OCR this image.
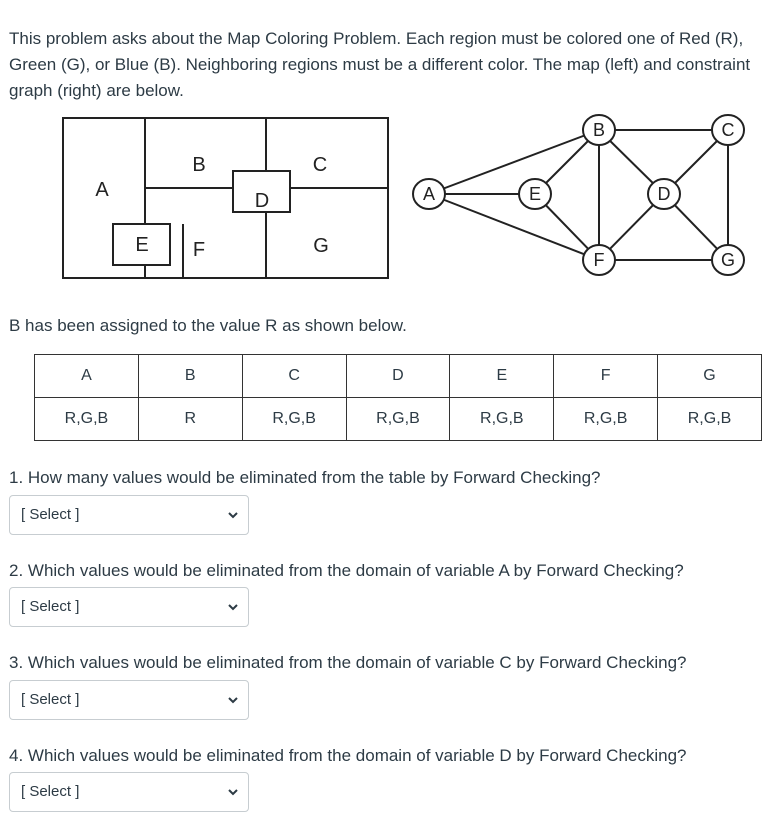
This problem asks about the Map Coloring Problem. Each region must be colored one of Red (R), Green (G), or Blue (B). Neighboring regions must be a different color. The map (left) and constraint graph (right) are below.

A
B	C
D
E F	G
A
B	C
D
E
F	G

B has been assigned to the value R as shown below.

A	B	C	D	E	F	G
R,G,B	R	R,G,B	R,G,B	R,G,B	R,G,B	R,G,B

1. How many values would be eliminated from the table by Forward Checking?

[ Select ]

2. Which values would be eliminated from the domain of variable A by Forward Checking?

[ Select ]

3. Which values would be eliminated from the domain of variable C by Forward Checking?

[ Select ]

4. Which values would be eliminated from the domain of variable D by Forward Checking?

[ Select ]
